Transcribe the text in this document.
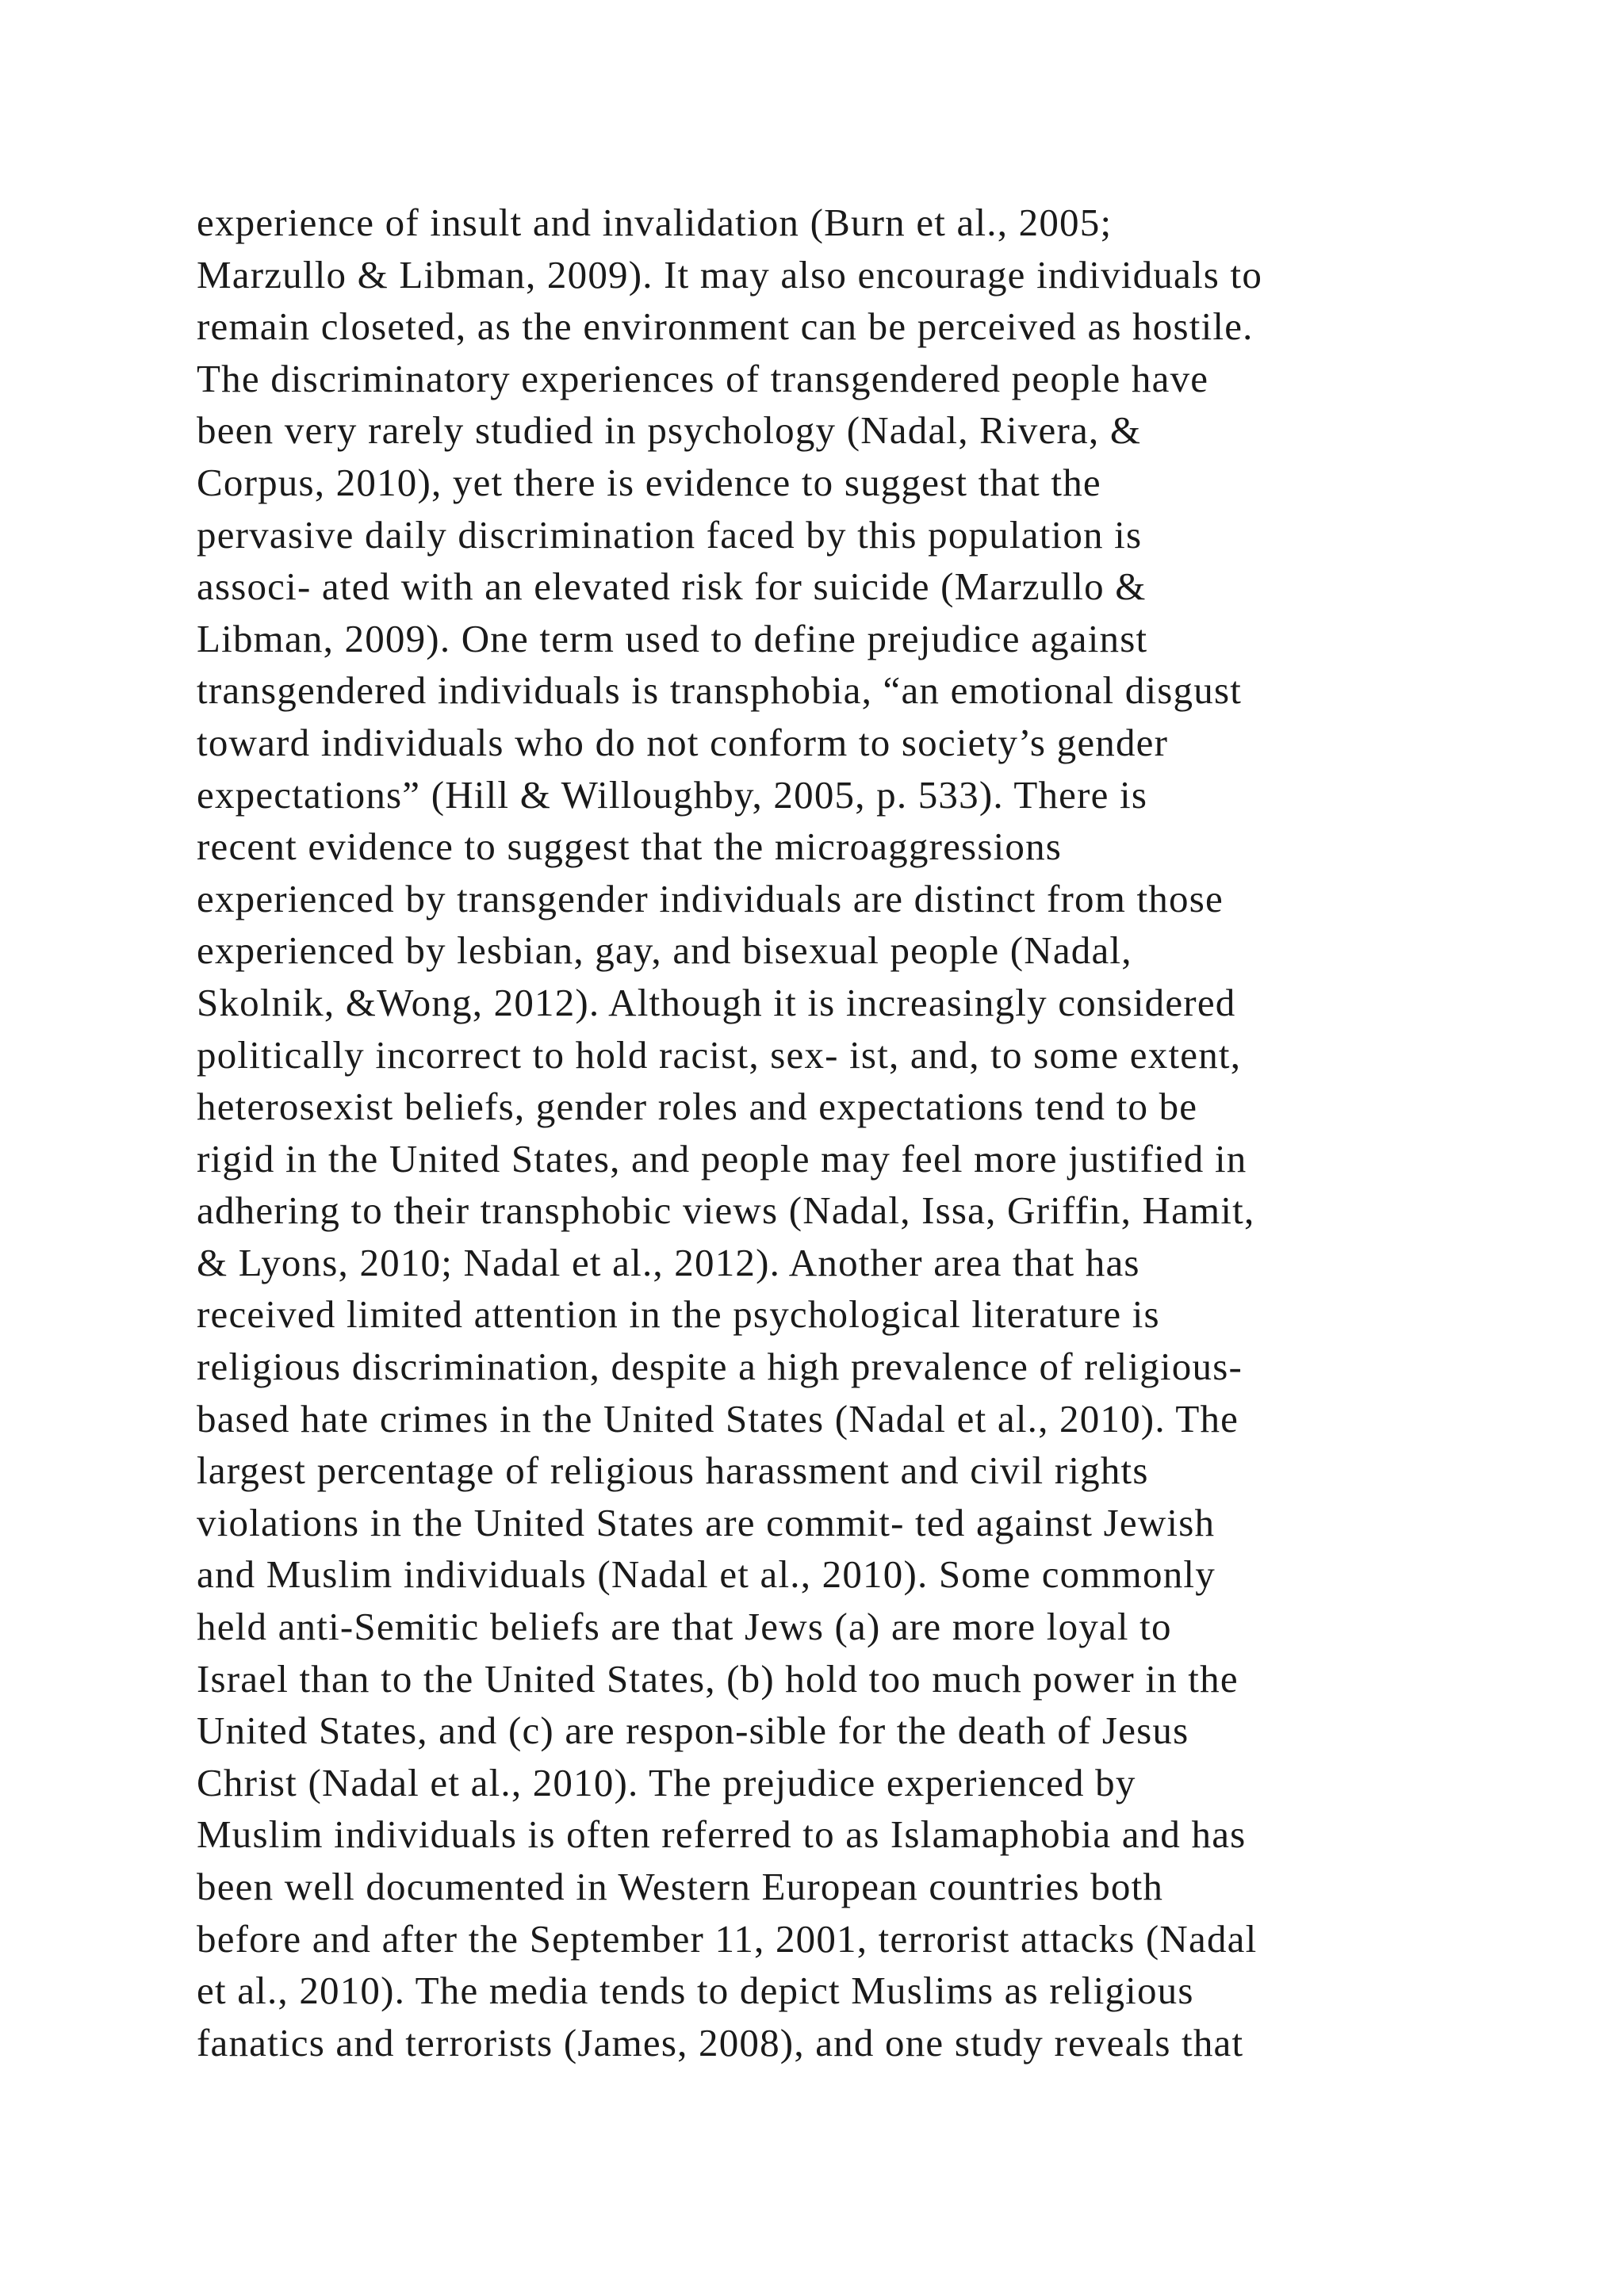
experience of insult and invalidation (Burn et al., 2005;
Marzullo & Libman, 2009). It may also encourage individuals to
remain closeted, as the environment can be perceived as hostile.
The discriminatory experiences of transgendered people have
been very rarely studied in psychology (Nadal, Rivera, &
Corpus, 2010), yet there is evidence to suggest that the
pervasive daily discrimination faced by this population is
associ- ated with an elevated risk for suicide (Marzullo &
Libman, 2009). One term used to define prejudice against
transgendered individuals is transphobia, “an emotional disgust
toward individuals who do not conform to society’s gender
expectations” (Hill & Willoughby, 2005, p. 533). There is
recent evidence to suggest that the microaggressions
experienced by transgender individuals are distinct from those
experienced by lesbian, gay, and bisexual people (Nadal,
Skolnik, &Wong, 2012). Although it is increasingly considered
politically incorrect to hold racist, sex- ist, and, to some extent,
heterosexist beliefs, gender roles and expectations tend to be
rigid in the United States, and people may feel more justified in
adhering to their transphobic views (Nadal, Issa, Griffin, Hamit,
& Lyons, 2010; Nadal et al., 2012). Another area that has
received limited attention in the psychological literature is
religious discrimination, despite a high prevalence of religious-
based hate crimes in the United States (Nadal et al., 2010). The
largest percentage of religious harassment and civil rights
violations in the United States are commit- ted against Jewish
and Muslim individuals (Nadal et al., 2010). Some commonly
held anti-Semitic beliefs are that Jews (a) are more loyal to
Israel than to the United States, (b) hold too much power in the
United States, and (c) are respon-sible for the death of Jesus
Christ (Nadal et al., 2010). The prejudice experienced by
Muslim individuals is often referred to as Islamaphobia and has
been well documented in Western European countries both
before and after the September 11, 2001, terrorist attacks (Nadal
et al., 2010). The media tends to depict Muslims as religious
fanatics and terrorists (James, 2008), and one study reveals that
